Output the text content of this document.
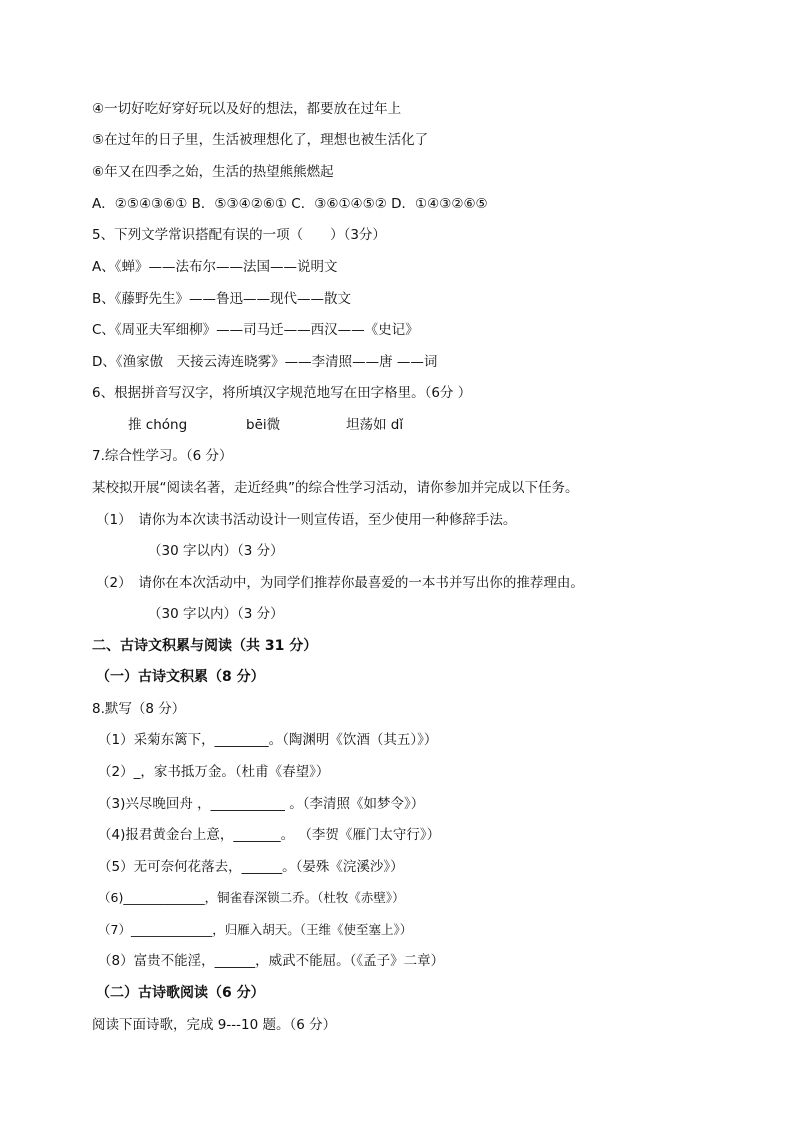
④一切好吃好穿好玩以及好的想法，都要放在过年上
⑤在过年的日子里，生活被理想化了，理想也被生活化了
⑥年又在四季之始，生活的热望熊熊燃起
A．②⑤④③⑥① B．⑤③④②⑥① C．③⑥①④⑤② D．①④③②⑥⑤
5、下列文学常识搭配有误的一项（　　）（3分）
A、《蝉》——法布尔——法国——说明文
B、《藤野先生》——鲁迅——现代——散文
C、《周亚夫军细柳》——司马迁——西汉——《史记》
D、《渔家傲　天接云涛连晓雾》——李清照——唐 ——词
6、根据拼音写汉字，将所填汉字规范地写在田字格里。（6分 ）
推 chóng	bēi微	坦荡如 dǐ
7.综合性学习。（6 分）
某校拟开展“阅读名著，走近经典”的综合性学习活动，请你参加并完成以下任务。
（1）　请你为本次读书活动设计一则宣传语，至少使用一种修辞手法。
（30 字以内）（3 分）
（2）　请你在本次活动中，为同学们推荐你最喜爱的一本书并写出你的推荐理由。
（30 字以内）（3 分）
二、古诗文积累与阅读（共 31 分）
（一）古诗文积累（8 分）
8.默写（8 分）
（1）采菊东篱下，________。（陶渊明《饮酒（其五）》）
（2）_，家书抵万金。（杜甫《春望》）
（3)兴尽晚回舟 ，___________ 。（李清照《如梦令》）
（4)报君黄金台上意，_______。 （李贺《雁门太守行》）
（5）无可奈何花落去，______。（晏殊《浣溪沙》）
（6)_____________，铜雀春深锁二乔。（杜牧《赤壁》）
（7）_____________，归雁入胡天。（王维《使至塞上》）
（8）富贵不能淫，______，威武不能屈。（《孟子》二章）
（二）古诗歌阅读（6 分）
阅读下面诗歌，完成 9---10 题。（6 分）
